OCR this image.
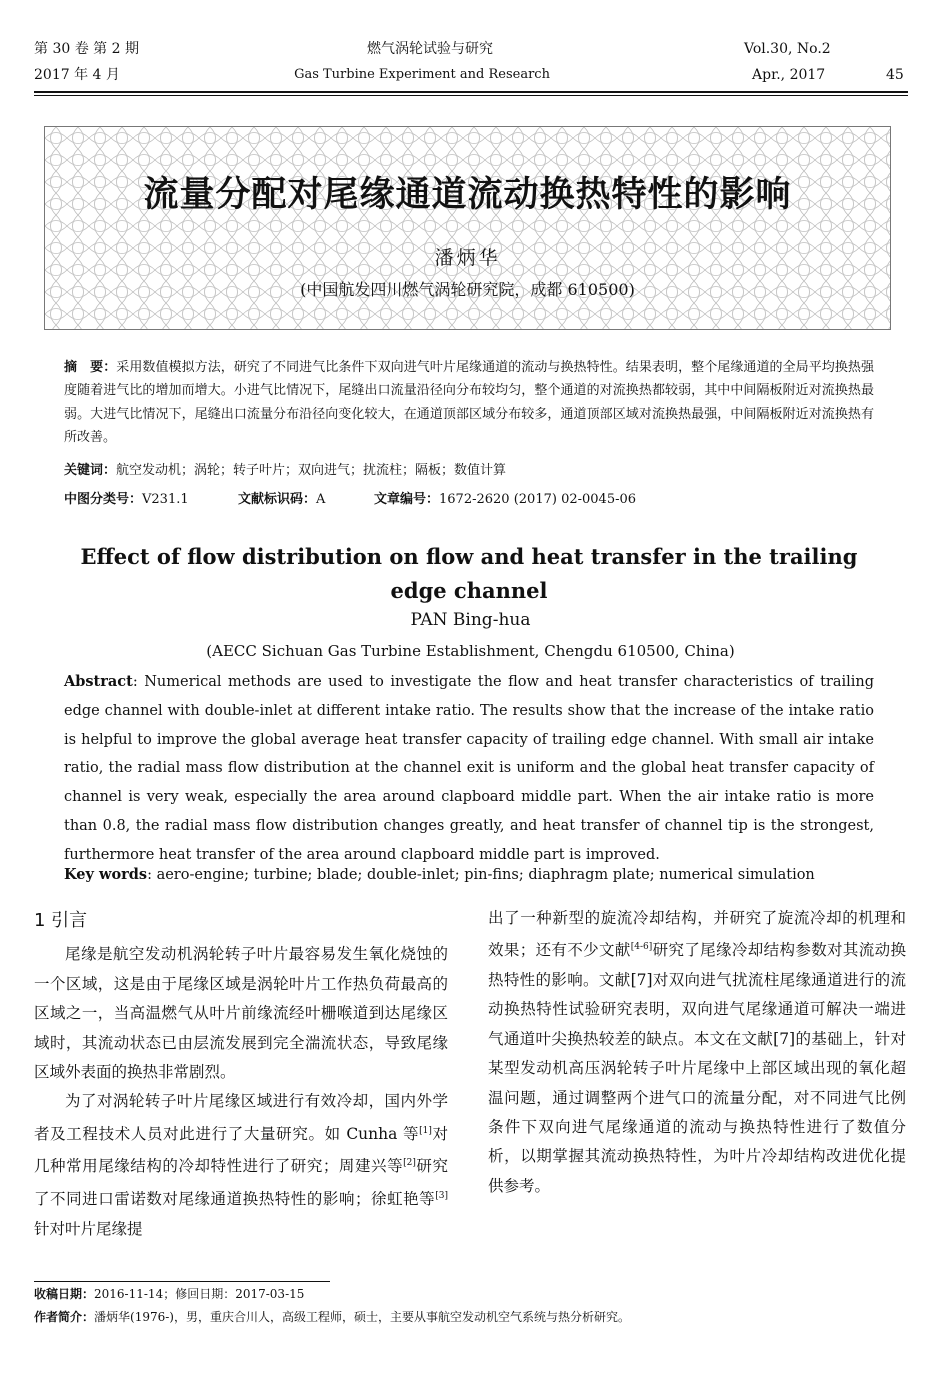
第 30 卷 第 2 期
2017 年 4 月
燃气涡轮试验与研究
Gas Turbine Experiment and Research
Vol.30, No.2
Apr., 2017	45
流量分配对尾缘通道流动换热特性的影响
潘炳华
(中国航发四川燃气涡轮研究院，成都 610500)
摘　要：采用数值模拟方法，研究了不同进气比条件下双向进气叶片尾缘通道的流动与换热特性。结果表明，整个尾缘通道的全局平均换热强度随着进气比的增加而增大。小进气比情况下，尾缝出口流量沿径向分布较均匀，整个通道的对流换热都较弱，其中中间隔板附近对流换热最弱。大进气比情况下，尾缝出口流量分布沿径向变化较大，在通道顶部区域分布较多，通道顶部区域对流换热最强，中间隔板附近对流换热有所改善。
关键词：航空发动机；涡轮；转子叶片；双向进气；扰流柱；隔板；数值计算
中图分类号：V231.1	文献标识码：A	文章编号：1672-2620 (2017) 02-0045-06
Effect of flow distribution on flow and heat transfer in the trailing edge channel
PAN Bing-hua
(AECC Sichuan Gas Turbine Establishment, Chengdu 610500, China)
Abstract: Numerical methods are used to investigate the flow and heat transfer characteristics of trailing edge channel with double-inlet at different intake ratio. The results show that the increase of the intake ratio is helpful to improve the global average heat transfer capacity of trailing edge channel. With small air intake ratio, the radial mass flow distribution at the channel exit is uniform and the global heat transfer capacity of channel is very weak, especially the area around clapboard middle part. When the air intake ratio is more than 0.8, the radial mass flow distribution changes greatly, and heat transfer of channel tip is the strongest, furthermore heat transfer of the area around clapboard middle part is improved.
Key words: aero-engine; turbine; blade; double-inlet; pin-fins; diaphragm plate; numerical simulation
1 引言
尾缘是航空发动机涡轮转子叶片最容易发生氧化烧蚀的一个区域，这是由于尾缘区域是涡轮叶片工作热负荷最高的区域之一，当高温燃气从叶片前缘流经叶栅喉道到达尾缘区域时，其流动状态已由层流发展到完全湍流状态，导致尾缘区域外表面的换热非常剧烈。
为了对涡轮转子叶片尾缘区域进行有效冷却，国内外学者及工程技术人员对此进行了大量研究。如 Cunha 等[1]对几种常用尾缘结构的冷却特性进行了研究；周建兴等[2]研究了不同进口雷诺数对尾缘通道换热特性的影响；徐虹艳等[3]针对叶片尾缘提
出了一种新型的旋流冷却结构，并研究了旋流冷却的机理和效果；还有不少文献[4-6]研究了尾缘冷却结构参数对其流动换热特性的影响。文献[7]对双向进气扰流柱尾缘通道进行的流动换热特性试验研究表明，双向进气尾缘通道可解决一端进气通道叶尖换热较差的缺点。本文在文献[7]的基础上，针对某型发动机高压涡轮转子叶片尾缘中上部区域出现的氧化超温问题，通过调整两个进气口的流量分配，对不同进气比例条件下双向进气尾缘通道的流动与换热特性进行了数值分析，以期掌握其流动换热特性，为叶片冷却结构改进优化提供参考。
收稿日期：2016-11-14；修回日期：2017-03-15
作者简介：潘炳华(1976-)，男，重庆合川人，高级工程师，硕士，主要从事航空发动机空气系统与热分析研究。
